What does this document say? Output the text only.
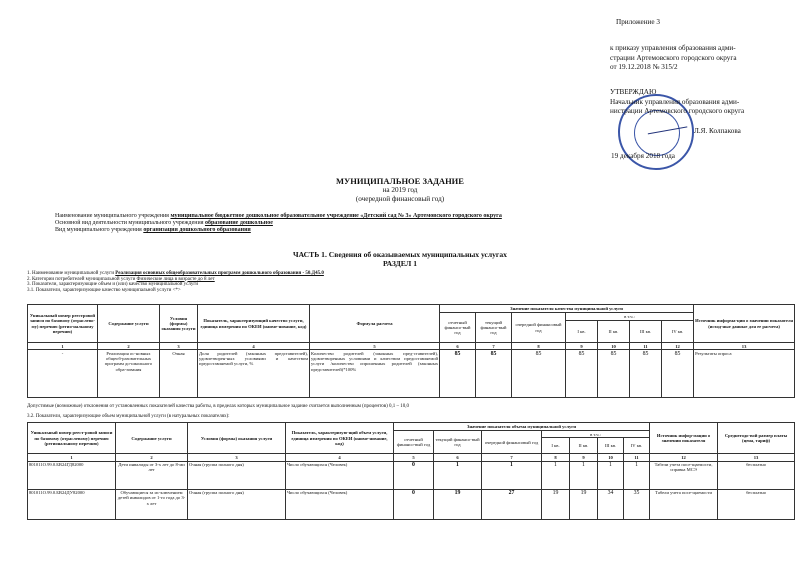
Приложение 3
к приказу управления образования адми-
страции Артемовского городского округа
от 19.12.2018 № 315/2
УТВЕРЖДАЮ
Начальник управления образования адми-
нистрации Артемовского городского округа
Л.Я. Колпакова
19 декабря 2018 года
МУНИЦИПАЛЬНОЕ ЗАДАНИЕ
на 2019 год
(очередной финансовый год)
Наименование муниципального учреждения муниципальное бюджетное дошкольное образовательное учреждение «Детский сад № 3» Артемовского городского округа
Основной вид деятельности муниципального учреждения образование дошкольное
Вид муниципального учреждения организация дошкольного образования
ЧАСТЬ 1. Сведения об оказываемых муниципальных услугах
РАЗДЕЛ 1
1. Наименование муниципальной услуги Реализация основных общеобразовательных программ дошкольного образования - 50.Д45.0
2. Категории потребителей муниципальной услуги Физические лица в возрасте до 8 лет
3. Показатели, характеризующие объем и (или) качество муниципальной услуги
3.1. Показатели, характеризующие качество муниципальной услуги <*>
Уникальный номер реестровой записи по базовому (отраслево-му) перечню (регио-нальному перечню)	Содержание услуги	Условия (формы) оказания услуги	Показатель, характеризующий качество услуги, единица измерения по ОКЕИ (наиме-нование, код)	Формула расчета	Значение показателя качества муниципальной услуги							Источник информа-ции о значении показателя (исход-ные данные для ее расчета)
					отчетный финансо-вый год	текущий финансо-вый год	очередной финансовый год	в т.ч.:				
								I кв.	II кв.	III кв.	IV кв.	
1	2	3	4	5	6	7	8	9	10	11	12	13
-	Реализация ос-новных общеоб-разовательных программ до-школьного обра-зования	Очная	Доля родителей (законных представителей), удовлетворен-ных условиями и качеством предоставляемой услуги, %	Количество родителей (законных пред-ставителей), удовлетворенных условиями и качеством предоставляемой услуги /количество опрошенных родителей (законных представителей)*100%	85	85	85	85	85	85	85	Результаты опроса
Допустимые (возможные) отклонения от установленных показателей качества работы, в пределах которых муниципальное задание считается выполненным (процентов) 0,1 – 10,0
3.2. Показатели, характеризующие объем муниципальной услуги (в натуральных показателях):
Уникальный номер реест-ровой записи по базовому (отраслевому) перечню (региональному перечню)	Содержание услуги	Условия (формы) оказания услуги	Показатель, характеризую-щий объем услуги, единица измерения по ОКЕИ (наиме-нование, код)	Значение показателя объема муниципальной услуги							Источник инфор-мации о значении показателя	Среднегодо-вой размер платы (цена, тариф)
				отчетный финансо-вый год	текущий финансо-вый год	очередной финансовый год	в т.ч.:					
							I кв.	II кв.	III кв.	IV кв.		
1	2	3	4	5	6	7	8	9	10	11	12	13
801011О.99.0.БВ24ГД82000	Дети инвалиды от 3-х лет до 8-ми лет	Очная (группа полного дня)	Число обучающихся (Человек)	0	1	1	1	1	1	1	Табели учета посе-щаемости, справка МСЭ	бесплатно
801011О.99.0.БВ24ДУ82000	Обучающиеся за ис-ключением детей инвалидов от 1-го года до 3-х лет	Очная (группа полного дня)	Число обучающихся (Человек)	0	19	27	19	19	34	35	Табели учета посе-щаемости	бесплатно
